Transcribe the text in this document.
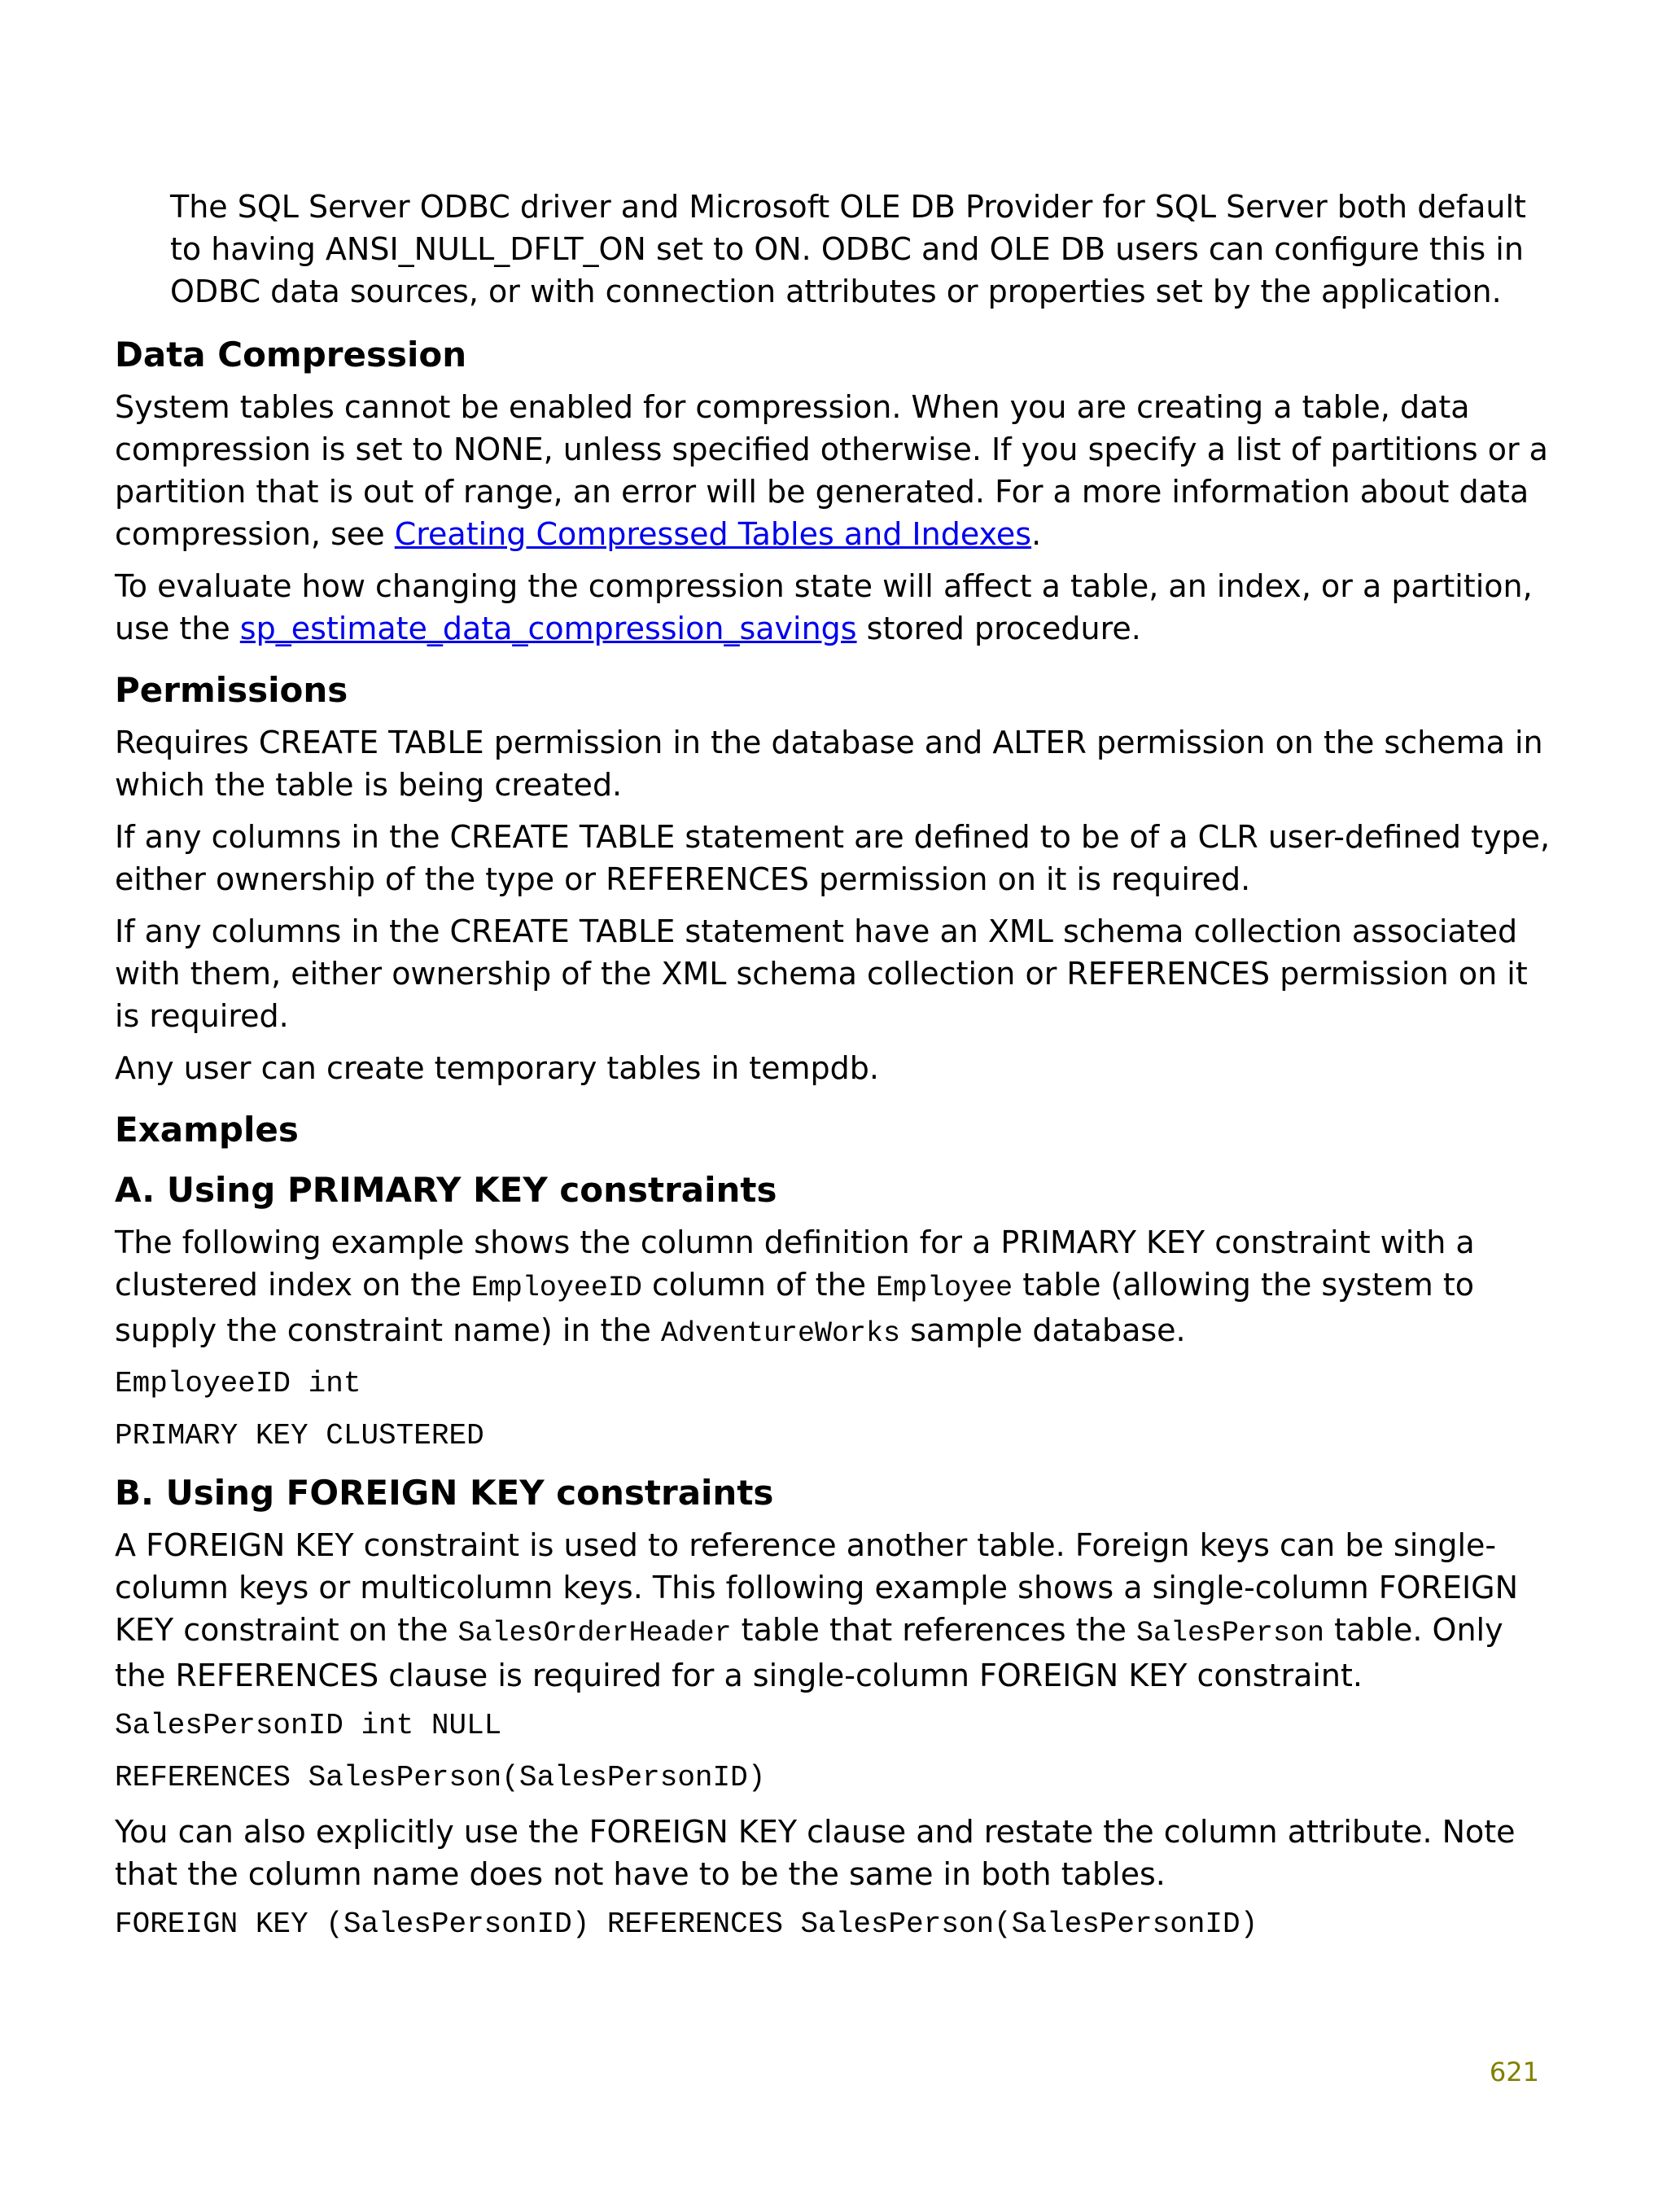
The SQL Server ODBC driver and Microsoft OLE DB Provider for SQL Server both default to having ANSI_NULL_DFLT_ON set to ON. ODBC and OLE DB users can configure this in ODBC data sources, or with connection attributes or properties set by the application.

Data Compression

System tables cannot be enabled for compression. When you are creating a table, data compression is set to NONE, unless specified otherwise. If you specify a list of partitions or a partition that is out of range, an error will be generated. For a more information about data compression, see Creating Compressed Tables and Indexes.

To evaluate how changing the compression state will affect a table, an index, or a partition, use the sp_estimate_data_compression_savings stored procedure.

Permissions

Requires CREATE TABLE permission in the database and ALTER permission on the schema in which the table is being created.

If any columns in the CREATE TABLE statement are defined to be of a CLR user-defined type, either ownership of the type or REFERENCES permission on it is required.

If any columns in the CREATE TABLE statement have an XML schema collection associated with them, either ownership of the XML schema collection or REFERENCES permission on it is required.

Any user can create temporary tables in tempdb.

Examples
A. Using PRIMARY KEY constraints

The following example shows the column definition for a PRIMARY KEY constraint with a clustered index on the EmployeeID column of the Employee table (allowing the system to supply the constraint name) in the AdventureWorks sample database.

EmployeeID int
PRIMARY KEY CLUSTERED
B. Using FOREIGN KEY constraints

A FOREIGN KEY constraint is used to reference another table. Foreign keys can be single-column keys or multicolumn keys. This following example shows a single-column FOREIGN KEY constraint on the SalesOrderHeader table that references the SalesPerson table. Only the REFERENCES clause is required for a single-column FOREIGN KEY constraint.

SalesPersonID int NULL
REFERENCES SalesPerson(SalesPersonID)

You can also explicitly use the FOREIGN KEY clause and restate the column attribute. Note that the column name does not have to be the same in both tables.

FOREIGN KEY (SalesPersonID) REFERENCES SalesPerson(SalesPersonID)
621
